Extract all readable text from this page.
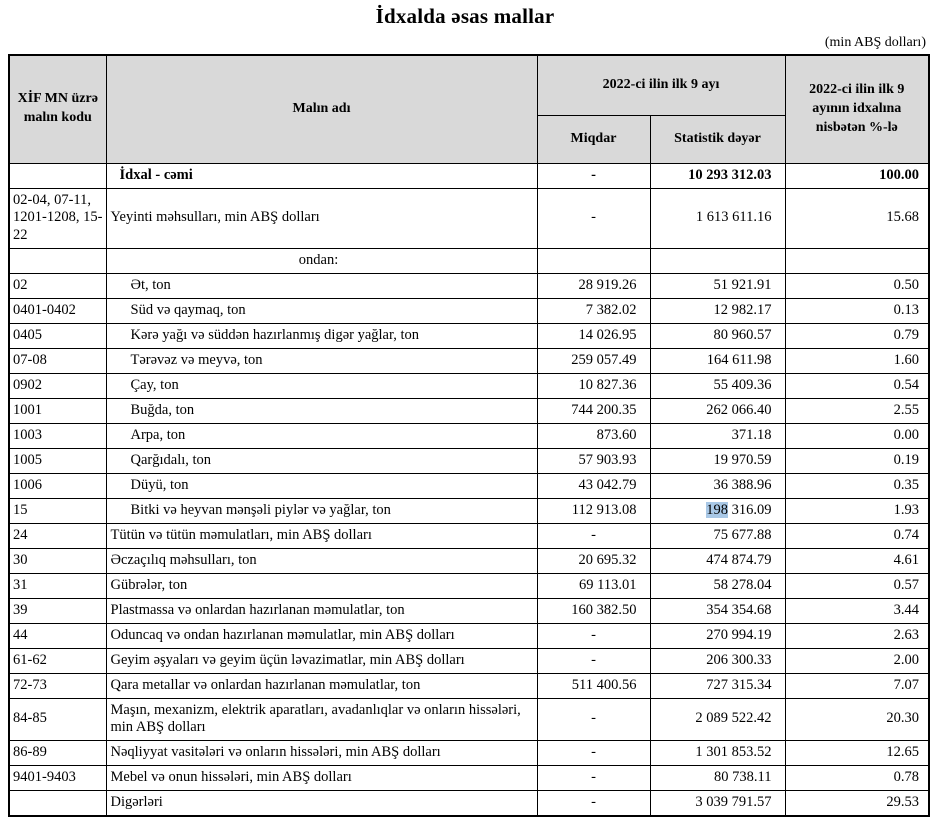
İdxalda əsas mallar
(min ABŞ dolları)
XİF MN üzrə malın kodu	Malın adı	2022-ci ilin ilk 9 ayı		2022-ci ilin ilk 9 ayının idxalına nisbətən %-lə
		Miqdar	Statistik dəyər	
	İdxal - cəmi	-	10 293 312.03	100.00
02-04, 07-11, 1201-1208, 15-22	Yeyinti məhsulları, min ABŞ dolları	-	1 613 611.16	15.68
	ondan:			
02	Ət, ton	28 919.26	51 921.91	0.50
0401-0402	Süd və qaymaq, ton	7 382.02	12 982.17	0.13
0405	Kərə yağı və süddən hazırlanmış digər yağlar, ton	14 026.95	80 960.57	0.79
07-08	Tərəvəz və meyvə, ton	259 057.49	164 611.98	1.60
0902	Çay, ton	10 827.36	55 409.36	0.54
1001	Buğda, ton	744 200.35	262 066.40	2.55
1003	Arpa, ton	873.60	371.18	0.00
1005	Qarğıdalı, ton	57 903.93	19 970.59	0.19
1006	Düyü, ton	43 042.79	36 388.96	0.35
15	Bitki və heyvan mənşəli piylər və yağlar, ton	112 913.08	198 316.09	1.93
24	Tütün və tütün məmulatları, min ABŞ dolları	-	75 677.88	0.74
30	Əczaçılıq məhsulları, ton	20 695.32	474 874.79	4.61
31	Gübrələr, ton	69 113.01	58 278.04	0.57
39	Plastmassa və onlardan hazırlanan məmulatlar, ton	160 382.50	354 354.68	3.44
44	Oduncaq və ondan hazırlanan məmulatlar, min ABŞ dolları	-	270 994.19	2.63
61-62	Geyim əşyaları və geyim üçün ləvazimatlar, min ABŞ dolları	-	206 300.33	2.00
72-73	Qara metallar və onlardan hazırlanan məmulatlar, ton	511 400.56	727 315.34	7.07
84-85	Maşın, mexanizm, elektrik aparatları, avadanlıqlar və onların hissələri, min ABŞ dolları	-	2 089 522.42	20.30
86-89	Nəqliyyat vasitələri və onların hissələri, min ABŞ dolları	-	1 301 853.52	12.65
9401-9403	Mebel və onun hissələri, min ABŞ dolları	-	80 738.11	0.78
	Digərləri	-	3 039 791.57	29.53
